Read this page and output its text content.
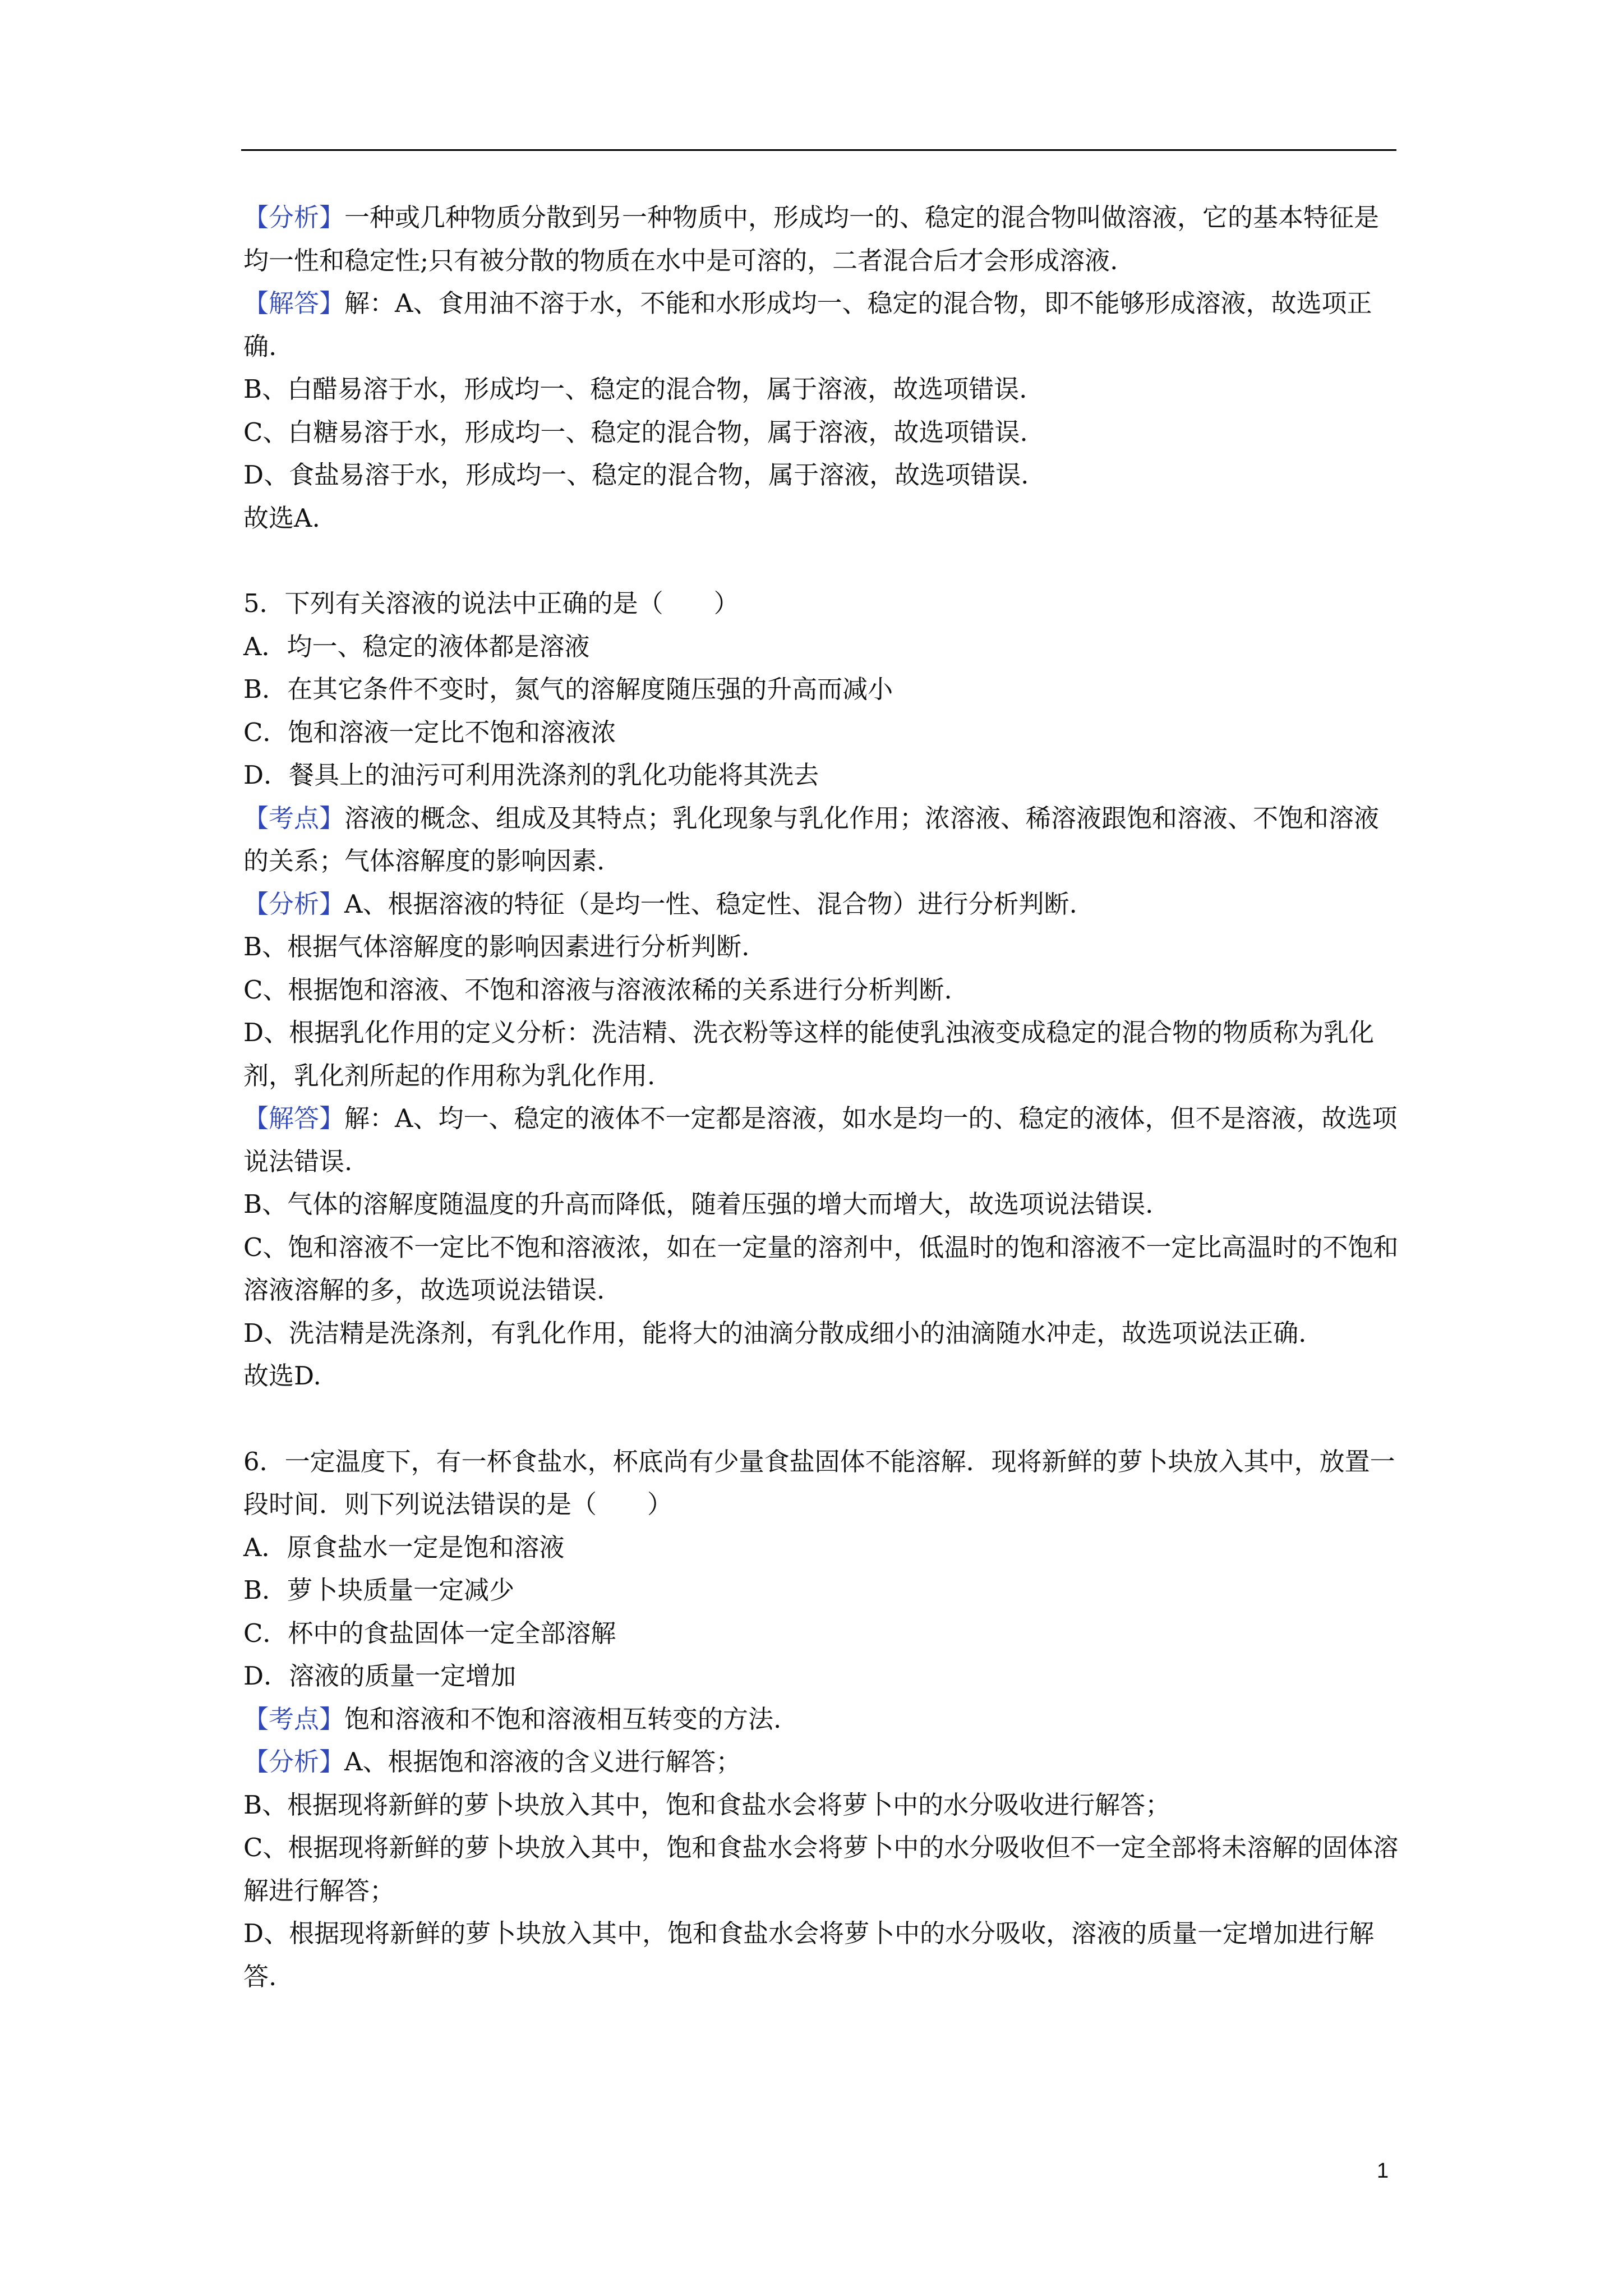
【分析】一种或几种物质分散到另一种物质中，形成均一的、稳定的混合物叫做溶液，它的基本特征是均一性和稳定性;只有被分散的物质在水中是可溶的，二者混合后才会形成溶液.

【解答】解：A、食用油不溶于水，不能和水形成均一、稳定的混合物，即不能够形成溶液，故选项正确.

B、白醋易溶于水，形成均一、稳定的混合物，属于溶液，故选项错误.

C、白糖易溶于水，形成均一、稳定的混合物，属于溶液，故选项错误.

D、食盐易溶于水，形成均一、稳定的混合物，属于溶液，故选项错误.

故选A.

5．下列有关溶液的说法中正确的是（　　）

A．均一、稳定的液体都是溶液

B．在其它条件不变时，氮气的溶解度随压强的升高而减小

C．饱和溶液一定比不饱和溶液浓

D．餐具上的油污可利用洗涤剂的乳化功能将其洗去

【考点】溶液的概念、组成及其特点；乳化现象与乳化作用；浓溶液、稀溶液跟饱和溶液、不饱和溶液的关系；气体溶解度的影响因素.

【分析】A、根据溶液的特征（是均一性、稳定性、混合物）进行分析判断.

B、根据气体溶解度的影响因素进行分析判断.

C、根据饱和溶液、不饱和溶液与溶液浓稀的关系进行分析判断.

D、根据乳化作用的定义分析：洗洁精、洗衣粉等这样的能使乳浊液变成稳定的混合物的物质称为乳化剂，乳化剂所起的作用称为乳化作用.

【解答】解：A、均一、稳定的液体不一定都是溶液，如水是均一的、稳定的液体，但不是溶液，故选项说法错误.

B、气体的溶解度随温度的升高而降低，随着压强的增大而增大，故选项说法错误.

C、饱和溶液不一定比不饱和溶液浓，如在一定量的溶剂中，低温时的饱和溶液不一定比高温时的不饱和溶液溶解的多，故选项说法错误.

D、洗洁精是洗涤剂，有乳化作用，能将大的油滴分散成细小的油滴随水冲走，故选项说法正确.

故选D.

6．一定温度下，有一杯食盐水，杯底尚有少量食盐固体不能溶解．现将新鲜的萝卜块放入其中，放置一段时间．则下列说法错误的是（　　）

A．原食盐水一定是饱和溶液

B．萝卜块质量一定减少

C．杯中的食盐固体一定全部溶解

D．溶液的质量一定增加

【考点】饱和溶液和不饱和溶液相互转变的方法.

【分析】A、根据饱和溶液的含义进行解答；

B、根据现将新鲜的萝卜块放入其中，饱和食盐水会将萝卜中的水分吸收进行解答；

C、根据现将新鲜的萝卜块放入其中，饱和食盐水会将萝卜中的水分吸收但不一定全部将未溶解的固体溶解进行解答；

D、根据现将新鲜的萝卜块放入其中，饱和食盐水会将萝卜中的水分吸收，溶液的质量一定增加进行解答.

1
